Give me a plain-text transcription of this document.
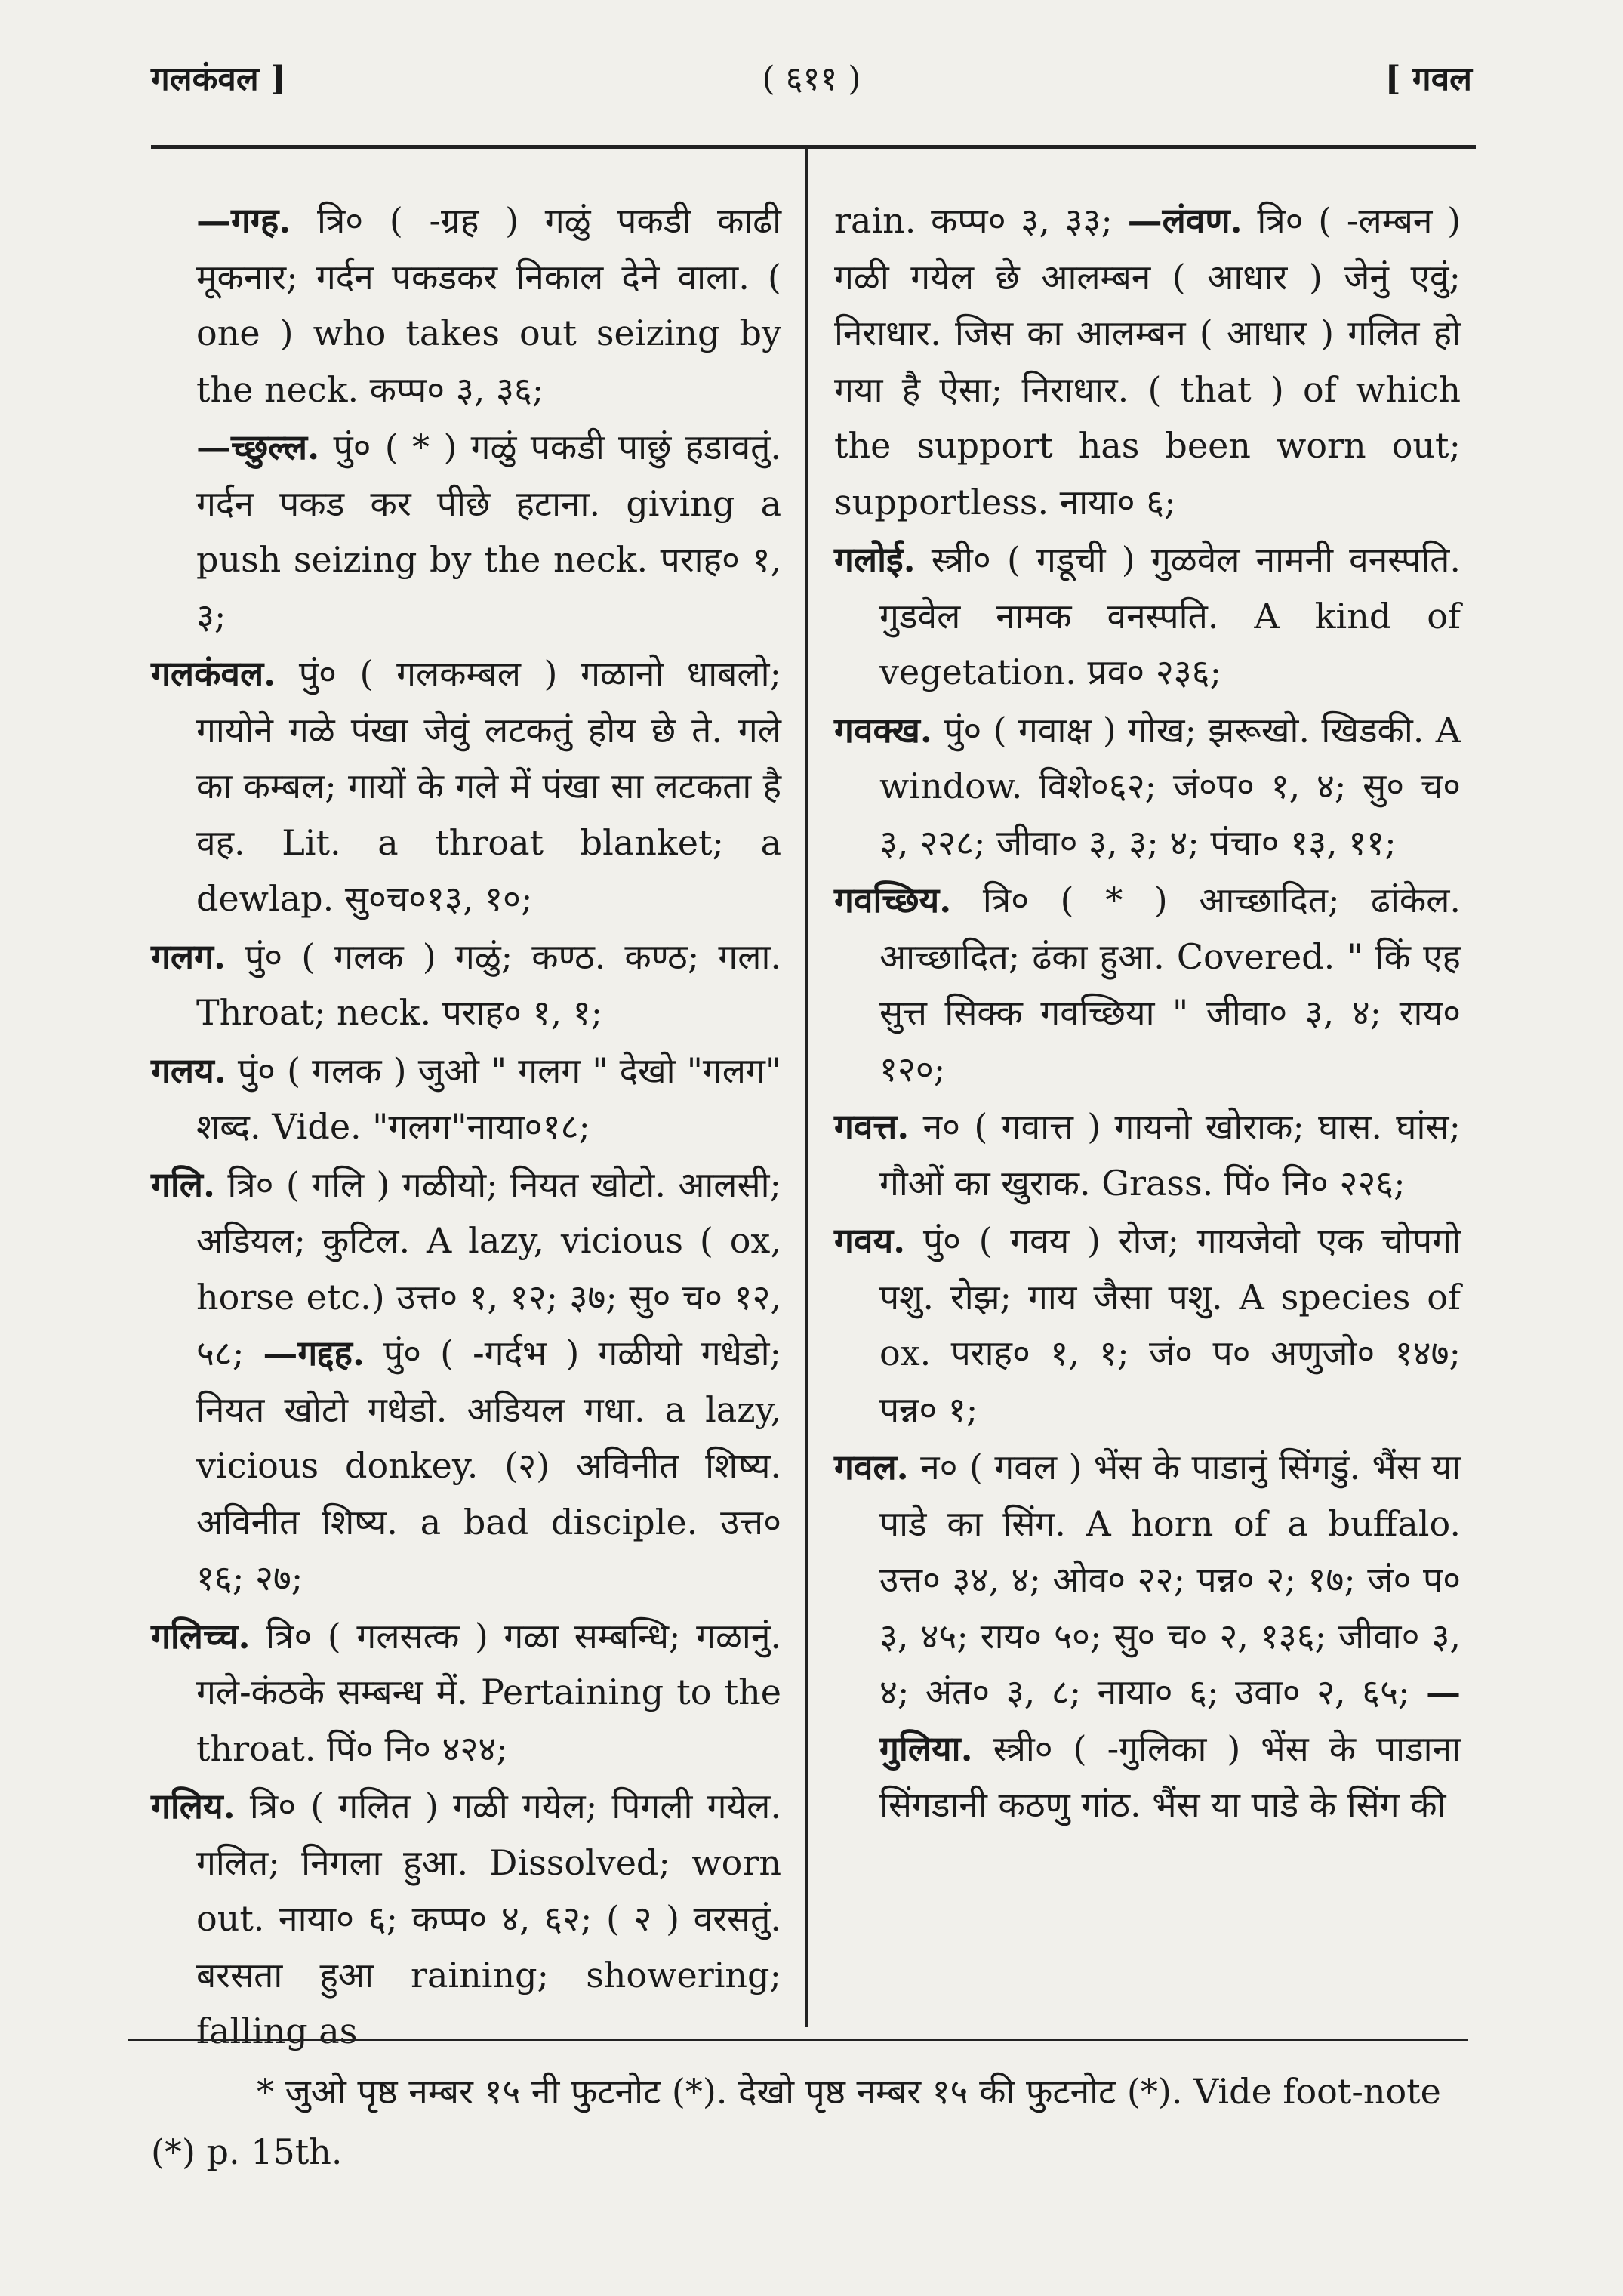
गलकंवल ]	( ६११ )	[ गवल

—गग्ह. त्रि० ( -ग्रह ) गळुं पकडी काढी मूकनार; गर्दन पकडकर निकाल देने वाला. ( one ) who takes out seizing by the neck. कप्प० ३, ३६;

—च्छुल्ल. पुं० ( * ) गळुं पकडी पाछुं हडावतुं. गर्दन पकड कर पीछे हटाना. giving a push seizing by the neck. पराह० १, ३;

गलकंवल. पुं० ( गलकम्बल ) गळानो धाबलो; गायोने गळे पंखा जेवुं लटकतुं होय छे ते. गले का कम्बल; गायों के गले में पंखा सा लटकता है वह. Lit. a throat blanket; a dewlap. सु०च०१३, १०;

गलग. पुं० ( गलक ) गळुं; कण्ठ. कण्ठ; गला. Throat; neck. पराह० १, १;

गलय. पुं० ( गलक ) जुओ " गलग " देखो "गलग" शब्द. Vide. "गलग"नाया०१८;

गलि. त्रि० ( गलि ) गळीयो; नियत खोटो. आलसी; अडियल; कुटिल. A lazy, vicious ( ox, horse etc.) उत्त० १, १२; ३७; सु० च० १२, ५८; —गद्दह. पुं० ( -गर्दभ ) गळीयो गधेडो; नियत खोटो गधेडो. अडियल गधा. a lazy, vicious donkey. (२) अविनीत शिष्य. अविनीत शिष्य. a bad disciple. उत्त० १६; २७;

गलिच्च. त्रि० ( गलसत्क ) गळा सम्बन्धि; गळानुं. गले-कंठके सम्बन्ध में. Pertaining to the throat. पिं० नि० ४२४;

गलिय. त्रि० ( गलित ) गळी गयेल; पिगली गयेल. गलित; निगला हुआ. Dissolved; worn out. नाया० ६; कप्प० ४, ६२; ( २ ) वरसतुं. बरसता हुआ raining; showering; falling as

rain. कप्प० ३, ३३; —लंवण. त्रि० ( -लम्बन ) गळी गयेल छे आलम्बन ( आधार ) जेनुं एवुं; निराधार. जिस का आलम्बन ( आधार ) गलित हो गया है ऐसा; निराधार. ( that ) of which the support has been worn out; supportless. नाया० ६;

गलोई. स्त्री० ( गडूची ) गुळवेल नामनी वनस्पति. गुडवेल नामक वनस्पति. A kind of vegetation. प्रव० २३६;

गवक्ख. पुं० ( गवाक्ष ) गोख; झरूखो. खिडकी. A window. विशे०६२; जं०प० १, ४; सु० च० ३, २२८; जीवा० ३, ३; ४; पंचा० १३, ११;

गवच्छिय. त्रि० ( * ) आच्छादित; ढांकेल. आच्छादित; ढंका हुआ. Covered. " किं एह सुत्त सिक्क गवच्छिया " जीवा० ३, ४; राय० १२०;

गवत्त. न० ( गवात्त ) गायनो खोराक; घास. घांस; गौओं का खुराक. Grass. पिं० नि० २२६;

गवय. पुं० ( गवय ) रोज; गायजेवो एक चोपगो पशु. रोझ; गाय जैसा पशु. A species of ox. पराह० १, १; जं० प० अणुजो० १४७; पन्न० १;

गवल. न० ( गवल ) भेंस के पाडानुं सिंगडुं. भैंस या पाडे का सिंग. A horn of a buffalo. उत्त० ३४, ४; ओव० २२; पन्न० २; १७; जं० प० ३, ४५; राय० ५०; सु० च० २, १३६; जीवा० ३, ४; अंत० ३, ८; नाया० ६; उवा० २, ६५; —गुलिया. स्त्री० ( -गुलिका ) भेंस के पाडाना सिंगडानी कठणु गांठ. भैंस या पाडे के सिंग की

* जुओ पृष्ठ नम्बर १५ नी फुटनोट (*). देखो पृष्ठ नम्बर १५ की फुटनोट (*). Vide foot-note (*) p. 15th.
